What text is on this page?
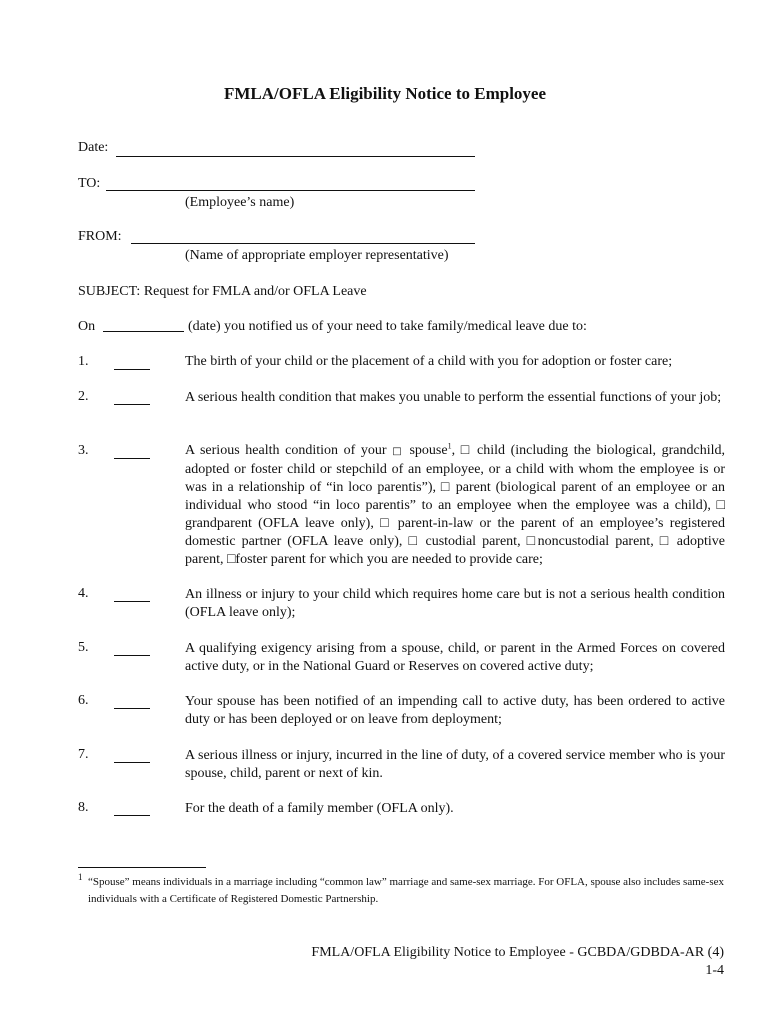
FMLA/OFLA Eligibility Notice to Employee
Date:
TO:
(Employee’s name)
FROM:
(Name of appropriate employer representative)
SUBJECT: Request for FMLA and/or OFLA Leave
On	(date) you notified us of your need to take family/medical leave due to:
1.	The birth of your child or the placement of a child with you for adoption or foster care;
2.	A serious health condition that makes you unable to perform the essential functions of your job;
3.	A serious health condition of your □ spouse$^1$, □ child (including the biological, grandchild, adopted or foster child or stepchild of an employee, or a child with whom the employee is or was in a relationship of “in loco parentis”), □ parent (biological parent of an employee or an individual who stood “in loco parentis” to an employee when the employee was a child), □ grandparent (OFLA leave only), □ parent-in-law or the parent of an employee’s registered domestic partner (OFLA leave only), □ custodial parent, □noncustodial parent, □ adoptive parent, □foster parent for which you are needed to provide care;
4.	An illness or injury to your child which requires home care but is not a serious health condition (OFLA leave only);
5.	A qualifying exigency arising from a spouse, child, or parent in the Armed Forces on covered active duty, or in the National Guard or Reserves on covered active duty;
6.	Your spouse has been notified of an impending call to active duty, has been ordered to active duty or has been deployed or on leave from deployment;
7.	A serious illness or injury, incurred in the line of duty, of a covered service member who is your spouse, child, parent or next of kin.
8.	For the death of a family member (OFLA only).
1 “Spouse” means individuals in a marriage including “common law” marriage and same-sex marriage. For OFLA, spouse also includes same-sex individuals with a Certificate of Registered Domestic Partnership.
FMLA/OFLA Eligibility Notice to Employee - GCBDA/GDBDA-AR (4)
1-4
